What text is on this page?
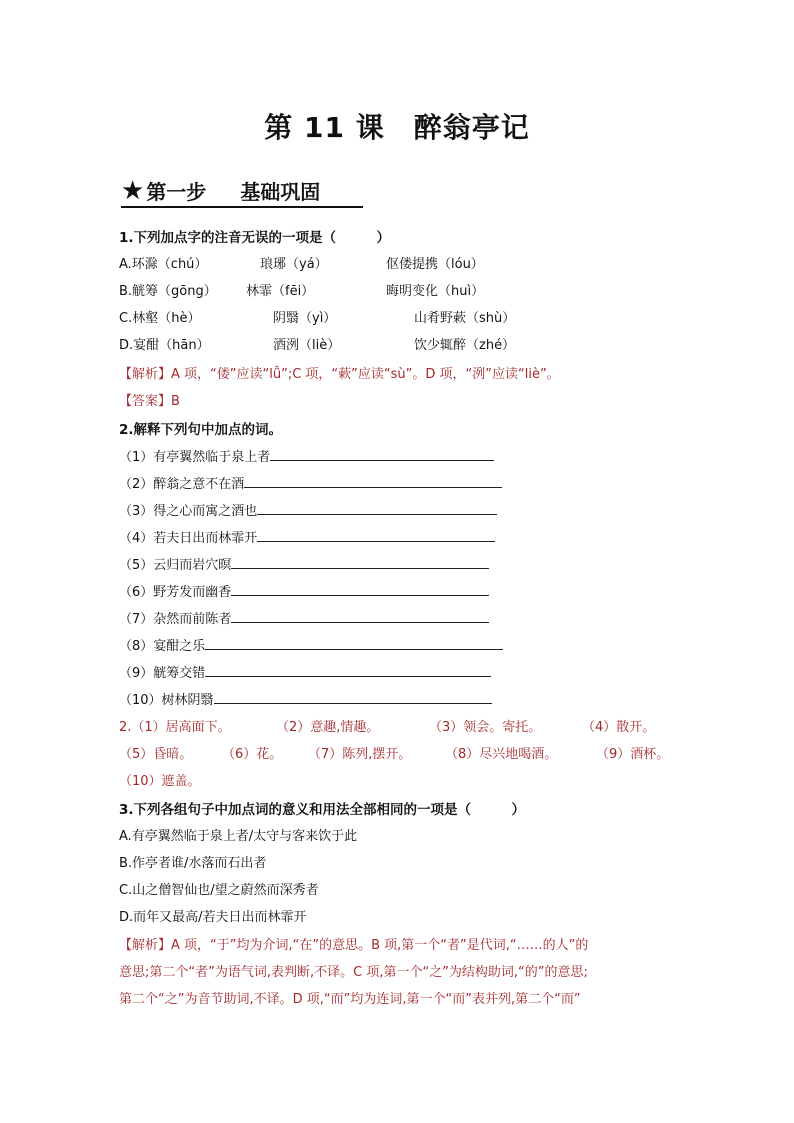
第 11 课　醉翁亭记
★ 第一步 基础巩固
1.下列加点字的注音无误的一项是（　　　）
A.环滁（chú）	琅琊（yá）	伛偻提携（lóu）
B.觥筹（gōng） 林霏（fēi）	晦明变化（huì）
C.林壑（hè）	阴翳（yì）	山肴野蔌（shù）
D.宴酣（hān）	酒洌（liè）	饮少辄醉（zhé）
【解析】A 项，“偻”应读“lǚ”;C 项，“蔌”应读“sù”。D 项，“洌”应读“liè”。
【答案】B
2.解释下列句中加点的词。
（1）有亭翼然临于泉上者
（2）醉翁之意不在酒
（3）得之心而寓之酒也
（4）若夫日出而林霏开
（5）云归而岩穴暝
（6）野芳发而幽香
（7）杂然而前陈者
（8）宴酣之乐
（9）觥筹交错
（10）树林阴翳
2.（1）居高面下。	（2）意趣,情趣。	（3）领会。寄托。	（4）散开。
（5）昏暗。 （6）花。 （7）陈列,摆开。	（8）尽兴地喝酒。	（9）酒杯。
（10）遮盖。
3.下列各组句子中加点词的意义和用法全部相同的一项是（　　　）
A.有亭翼然临于泉上者/太守与客来饮于此
B.作亭者谁/水落而石出者
C.山之僧智仙也/望之蔚然而深秀者
D.而年又最高/若夫日出而林霏开
【解析】A 项，“于”均为介词,“在”的意思。B 项,第一个“者”是代词,“……的人”的
意思;第二个“者”为语气词,表判断,不译。C 项,第一个“之”为结构助词,“的”的意思;
第二个“之”为音节助词,不译。D 项,“而”均为连词,第一个“而”表并列,第二个“而”
